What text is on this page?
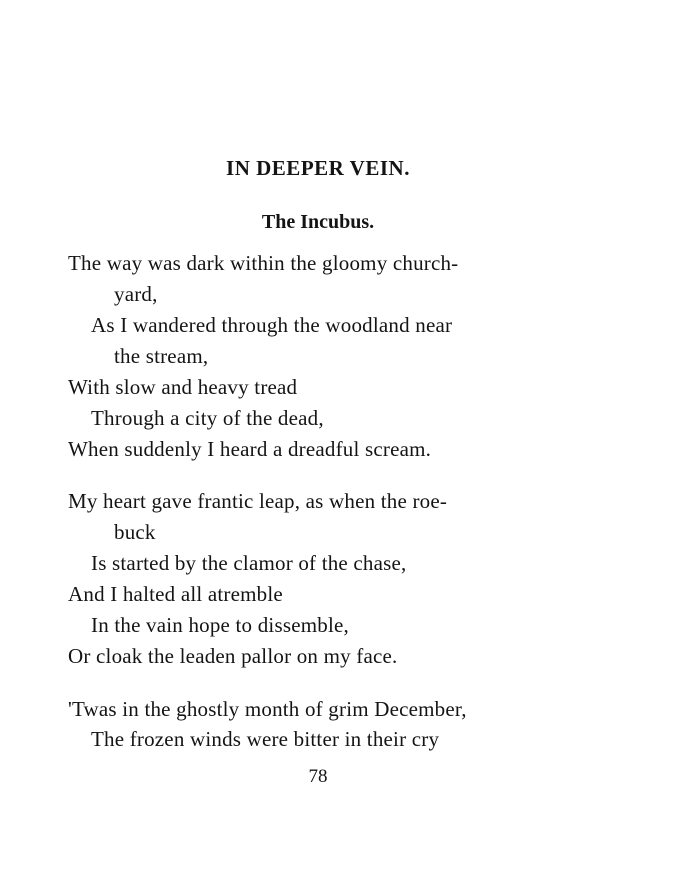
IN DEEPER VEIN.
The Incubus.

The way was dark within the gloomy church-

yard,

As I wandered through the woodland near

the stream,

With slow and heavy tread

Through a city of the dead,

When suddenly I heard a dreadful scream.

My heart gave frantic leap, as when the roe-

buck

Is started by the clamor of the chase,

And I halted all atremble

In the vain hope to dissemble,

Or cloak the leaden pallor on my face.

'Twas in the ghostly month of grim December,

The frozen winds were bitter in their cry

78
